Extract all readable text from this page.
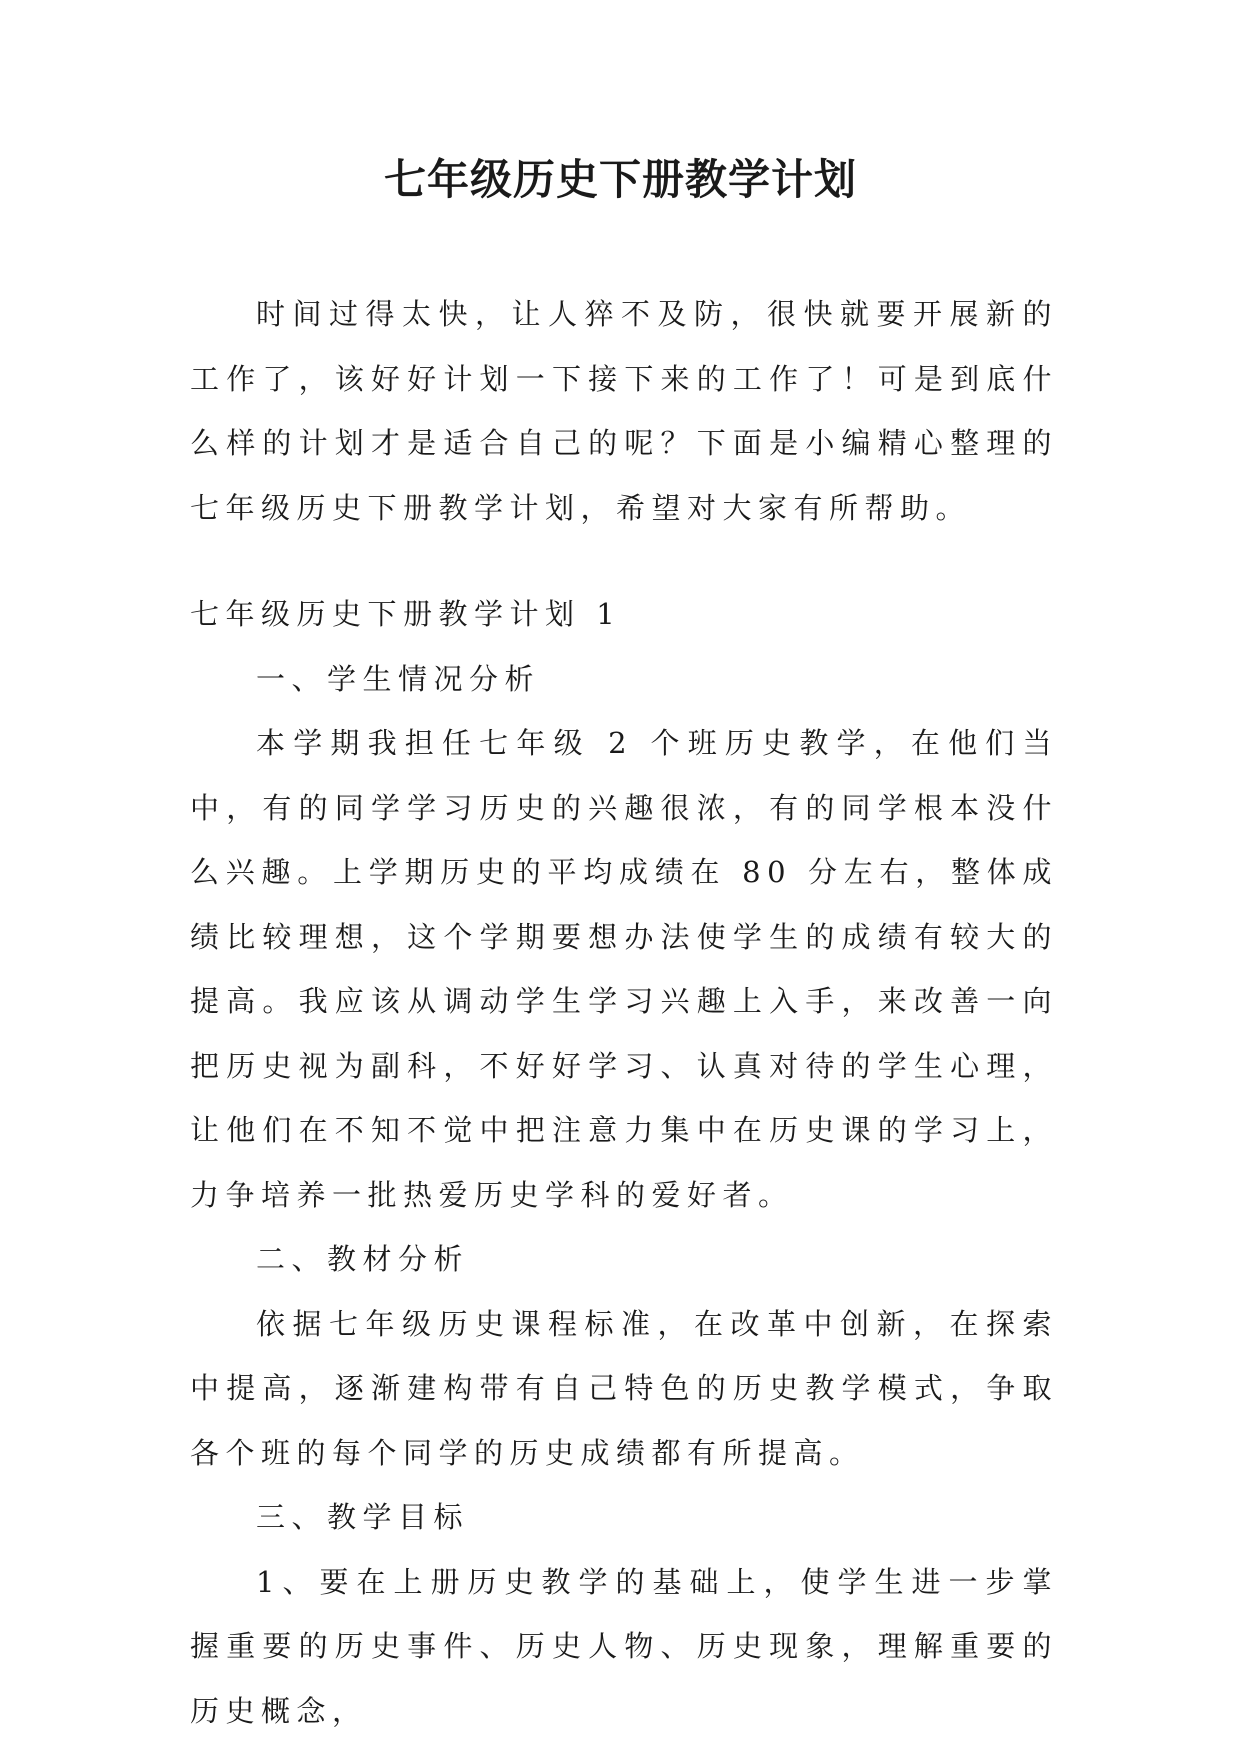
七年级历史下册教学计划

时间过得太快，让人猝不及防，很快就要开展新的工作了，该好好计划一下接下来的工作了！可是到底什么样的计划才是适合自己的呢？下面是小编精心整理的七年级历史下册教学计划，希望对大家有所帮助。

七年级历史下册教学计划 1

一、学生情况分析

本学期我担任七年级 2 个班历史教学，在他们当中，有的同学学习历史的兴趣很浓，有的同学根本没什么兴趣。上学期历史的平均成绩在 80 分左右，整体成绩比较理想，这个学期要想办法使学生的成绩有较大的提高。我应该从调动学生学习兴趣上入手，来改善一向把历史视为副科，不好好学习、认真对待的学生心理，让他们在不知不觉中把注意力集中在历史课的学习上，力争培养一批热爱历史学科的爱好者。

二、教材分析

依据七年级历史课程标准，在改革中创新，在探索中提高，逐渐建构带有自己特色的历史教学模式，争取各个班的每个同学的历史成绩都有所提高。

三、教学目标

1、要在上册历史教学的基础上，使学生进一步掌握重要的历史事件、历史人物、历史现象，理解重要的历史概念，
